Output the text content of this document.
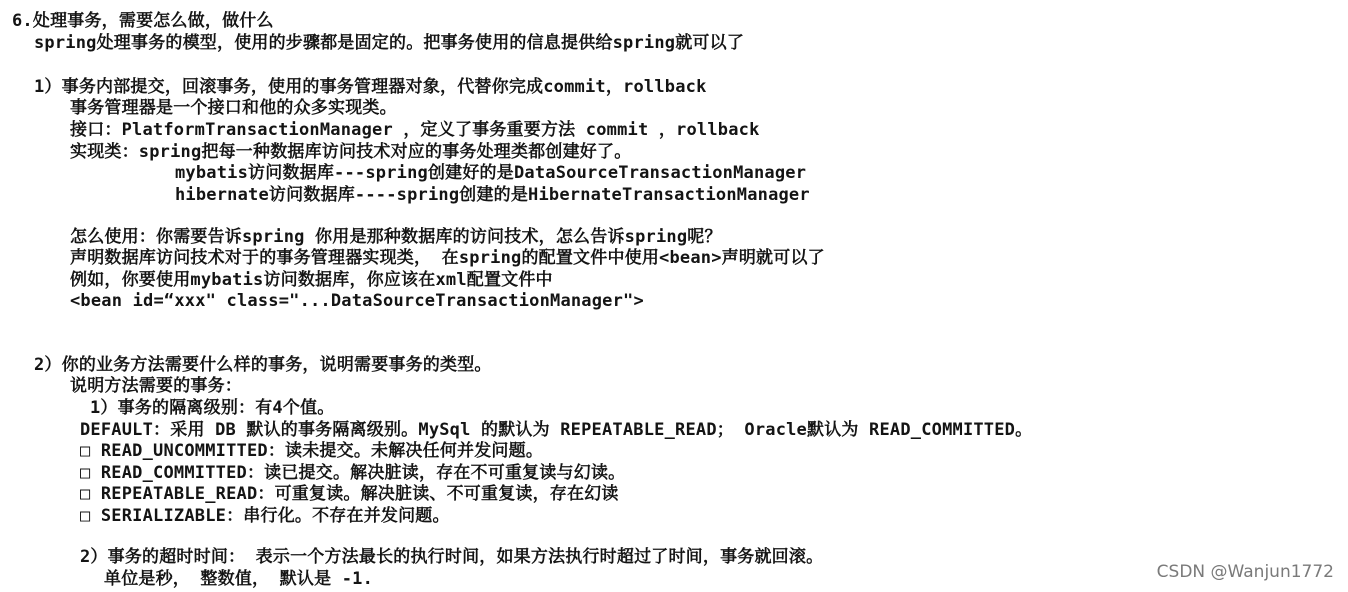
6.处理事务，需要怎么做，做什么
spring处理事务的模型，使用的步骤都是固定的。把事务使用的信息提供给spring就可以了
1）事务内部提交，回滚事务，使用的事务管理器对象，代替你完成commit，rollback
事务管理器是一个接口和他的众多实现类。
接口：PlatformTransactionManager ，定义了事务重要方法 commit ，rollback
实现类：spring把每一种数据库访问技术对应的事务处理类都创建好了。
mybatis访问数据库---spring创建好的是DataSourceTransactionManager
hibernate访问数据库----spring创建的是HibernateTransactionManager
怎么使用：你需要告诉spring 你用是那种数据库的访问技术，怎么告诉spring呢？
声明数据库访问技术对于的事务管理器实现类， 在spring的配置文件中使用<bean>声明就可以了
例如，你要使用mybatis访问数据库，你应该在xml配置文件中
<bean id=“xxx" class="...DataSourceTransactionManager">
2）你的业务方法需要什么样的事务，说明需要事务的类型。
说明方法需要的事务：
1）事务的隔离级别：有4个值。
DEFAULT：采用 DB 默认的事务隔离级别。MySql 的默认为 REPEATABLE_READ； Oracle默认为 READ_COMMITTED。
□ READ_UNCOMMITTED：读未提交。未解决任何并发问题。
□ READ_COMMITTED：读已提交。解决脏读，存在不可重复读与幻读。
□ REPEATABLE_READ：可重复读。解决脏读、不可重复读，存在幻读
□ SERIALIZABLE：串行化。不存在并发问题。
2）事务的超时时间： 表示一个方法最长的执行时间，如果方法执行时超过了时间，事务就回滚。
单位是秒， 整数值， 默认是 -1.	CSDN @Wanjun1772
